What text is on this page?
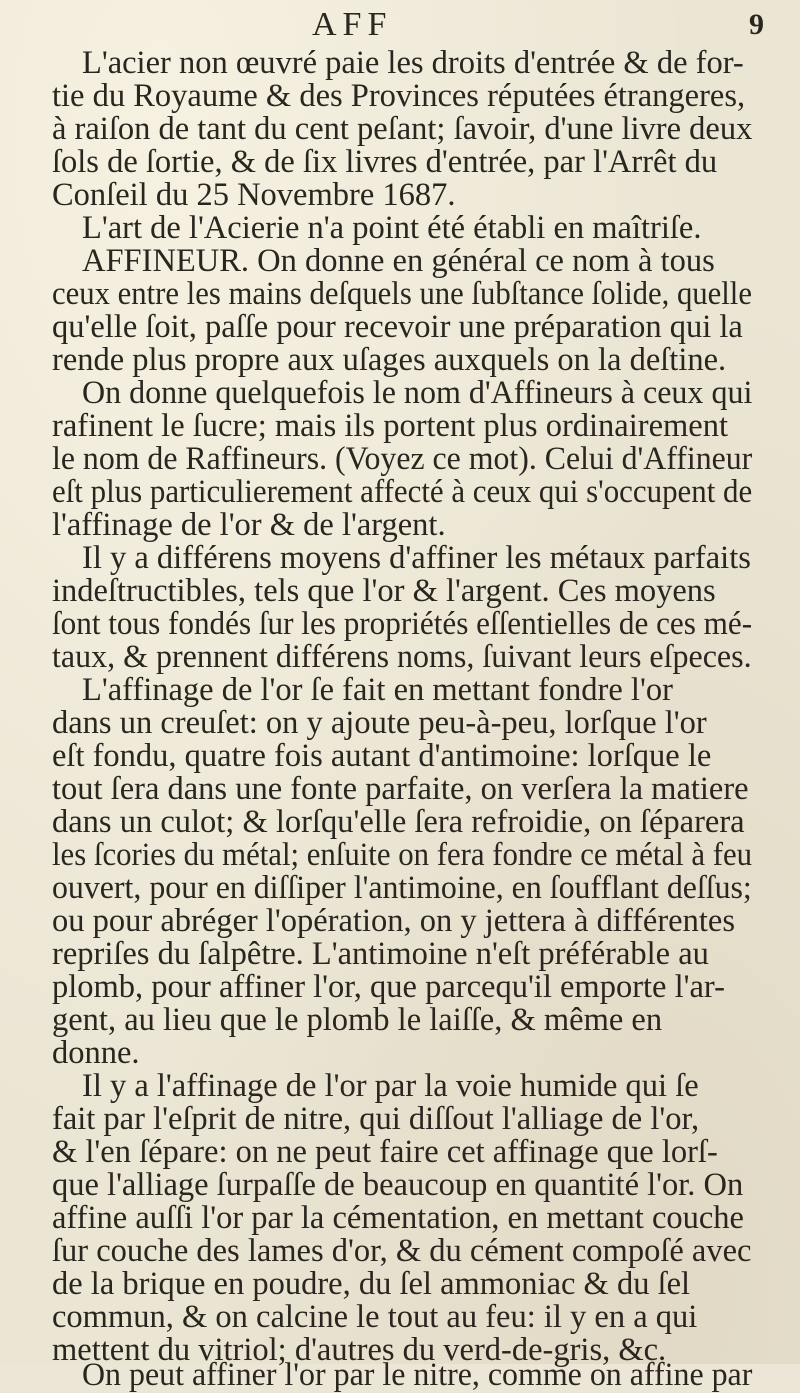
AFF	9
L'acier non œuvré paie les droits d'entrée & de for-
tie du Royaume & des Provinces réputées étrangeres,
à raiſon de tant du cent peſant; ſavoir, d'une livre deux
ſols de ſortie, & de ſix livres d'entrée, par l'Arrêt du
Conſeil du 25 Novembre 1687.
L'art de l'Acierie n'a point été établi en maîtriſe.
AFFINEUR. On donne en général ce nom à tous
ceux entre les mains deſquels une ſubſtance ſolide, quelle
qu'elle ſoit, paſſe pour recevoir une préparation qui la
rende plus propre aux uſages auxquels on la deſtine.
On donne quelquefois le nom d'Affineurs à ceux qui
rafinent le ſucre; mais ils portent plus ordinairement
le nom de Raffineurs. (Voyez ce mot). Celui d'Affineur
eſt plus particulierement affecté à ceux qui s'occupent de
l'affinage de l'or & de l'argent.
Il y a différens moyens d'affiner les métaux parfaits
indeſtructibles, tels que l'or & l'argent. Ces moyens
ſont tous fondés ſur les propriétés eſſentielles de ces mé-
taux, & prennent différens noms, ſuivant leurs eſpeces.
L'affinage de l'or ſe fait en mettant fondre l'or
dans un creuſet: on y ajoute peu-à-peu, lorſque l'or
eſt fondu, quatre fois autant d'antimoine: lorſque le
tout ſera dans une fonte parfaite, on verſera la matiere
dans un culot; & lorſqu'elle ſera refroidie, on ſéparera
les ſcories du métal; enſuite on fera fondre ce métal à feu
ouvert, pour en diſſiper l'antimoine, en ſoufflant deſſus;
ou pour abréger l'opération, on y jettera à différentes
repriſes du ſalpêtre. L'antimoine n'eſt préférable au
plomb, pour affiner l'or, que parcequ'il emporte l'ar-
gent, au lieu que le plomb le laiſſe, & même en
donne.
Il y a l'affinage de l'or par la voie humide qui ſe
fait par l'eſprit de nitre, qui diſſout l'alliage de l'or,
& l'en ſépare: on ne peut faire cet affinage que lorſ-
que l'alliage ſurpaſſe de beaucoup en quantité l'or. On
affine auſſi l'or par la cémentation, en mettant couche
ſur couche des lames d'or, & du cément compoſé avec
de la brique en poudre, du ſel ammoniac & du ſel
commun, & on calcine le tout au feu: il y en a qui
mettent du vitriol; d'autres du verd-de-gris, &c.
On peut affiner l'or par le nitre, comme on affine par
